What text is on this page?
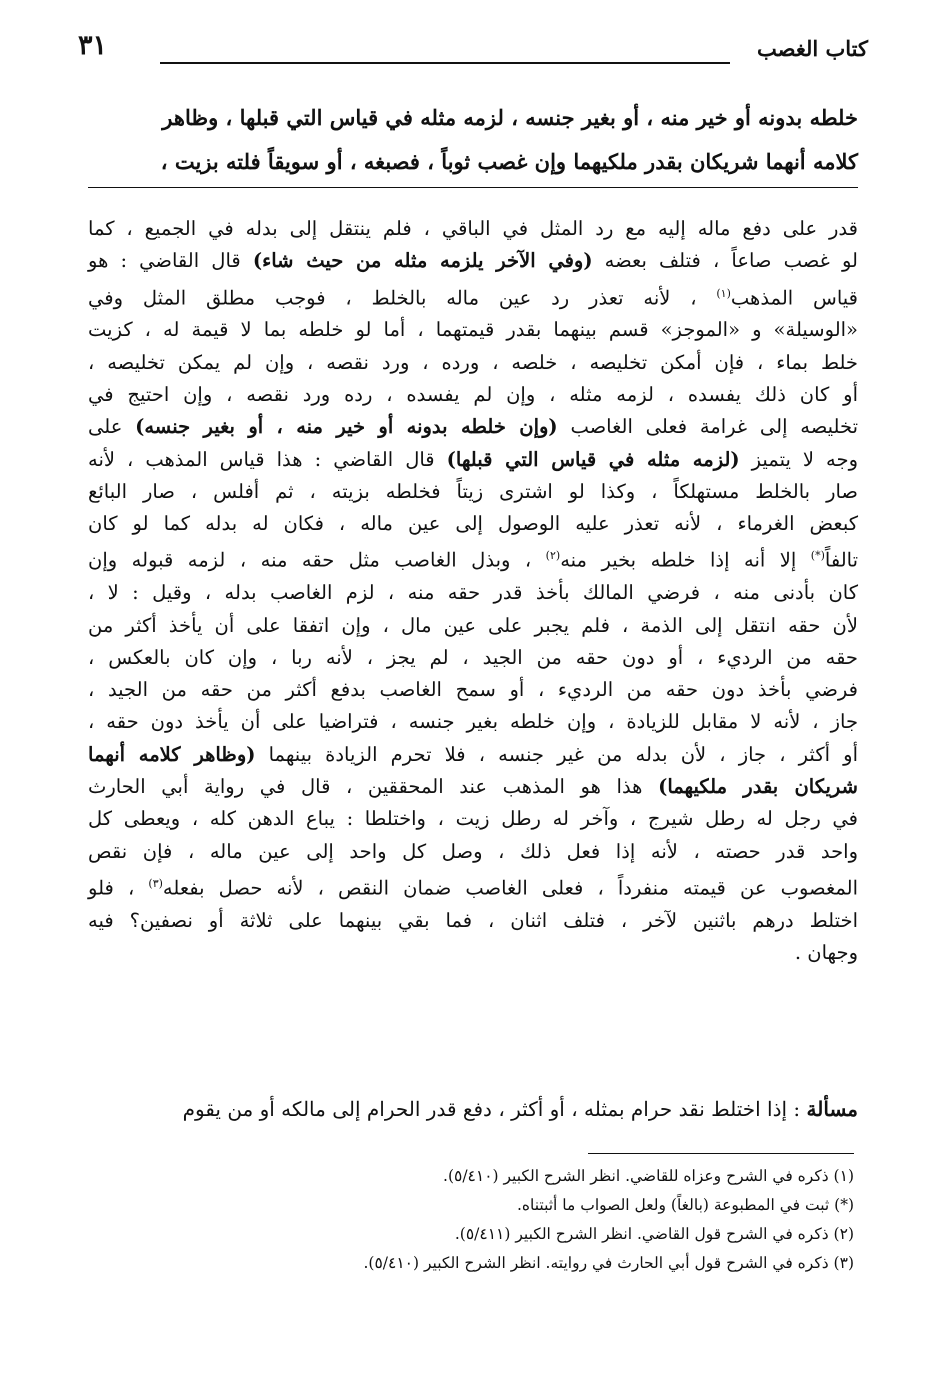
كتاب الغصب
٣١
خلطه بدونه أو خير منه ، أو بغير جنسه ، لزمه مثله في قياس التي قبلها ، وظاهر
كلامه أنهما شريكان بقدر ملكيهما وإن غصب ثوباً ، فصبغه ، أو سويقاً فلته بزيت ،
قدر على دفع ماله إليه مع رد المثل في الباقي ، فلم ينتقل إلى بدله في الجميع ، كما
لو غصب صاعاً ، فتلف بعضه (وفي الآخر يلزمه مثله من حيث شاء) قال القاضي : هو
قياس المذهب$^{(١)}$ ، لأنه تعذر رد عين ماله بالخلط ، فوجب مطلق المثل وفي
«الوسيلة» و «الموجز» قسم بينهما بقدر قيمتهما ، أما لو خلطه بما لا قيمة له ، كزيت
خلط بماء ، فإن أمكن تخليصه ، خلصه ، ورده ، ورد نقصه ، وإن لم يمكن تخليصه ،
أو كان ذلك يفسده ، لزمه مثله ، وإن لم يفسده ، رده ورد نقصه ، وإن احتيج في
تخليصه إلى غرامة فعلى الغاصب (وإن خلطه بدونه أو خير منه ، أو بغير جنسه) على
وجه لا يتميز (لزمه مثله في قياس التي قبلها) قال القاضي : هذا قياس المذهب ، لأنه
صار بالخلط مستهلكاً ، وكذا لو اشترى زيتاً فخلطه بزيته ، ثم أفلس ، صار البائع
كبعض الغرماء ، لأنه تعذر عليه الوصول إلى عين ماله ، فكان له بدله كما لو كان
تالفاً(*) إلا أنه إذا خلطه بخير منه$^{(٢)}$ ، وبذل الغاصب مثل حقه منه ، لزمه قبوله وإن
كان بأدنى منه ، فرضي المالك بأخذ قدر حقه منه ، لزم الغاصب بدله ، وقيل : لا ،
لأن حقه انتقل إلى الذمة ، فلم يجبر على عين مال ، وإن اتفقا على أن يأخذ أكثر من
حقه من الرديء ، أو دون حقه من الجيد ، لم يجز ، لأنه ربا ، وإن كان بالعكس ،
فرضي بأخذ دون حقه من الرديء ، أو سمح الغاصب بدفع أكثر من حقه من الجيد ،
جاز ، لأنه لا مقابل للزيادة ، وإن خلطه بغير جنسه ، فتراضيا على أن يأخذ دون حقه ،
أو أكثر ، جاز ، لأن بدله من غير جنسه ، فلا تحرم الزيادة بينهما (وظاهر كلامه أنهما
شريكان بقدر ملكيهما) هذا هو المذهب عند المحققين ، قال في رواية أبي الحارث
في رجل له رطل شيرج ، وآخر له رطل زيت ، واختلطا : يباع الدهن كله ، ويعطى كل
واحد قدر حصته ، لأنه إذا فعل ذلك ، وصل كل واحد إلى عين ماله ، فإن نقص
المغصوب عن قيمته منفرداً ، فعلى الغاصب ضمان النقص ، لأنه حصل بفعله$^{(٣)}$ ، فلو
اختلط درهم باثنين لآخر ، فتلف اثنان ، فما بقي بينهما على ثلاثة أو نصفين؟ فيه
وجهان .
مسألة : إذا اختلط نقد حرام بمثله ، أو أكثر ، دفع قدر الحرام إلى مالكه أو من يقوم
(١) ذكره في الشرح وعزاه للقاضي. انظر الشرح الكبير (٥/٤١٠).
(*) ثبت في المطبوعة (بالغاً) ولعل الصواب ما أثبتناه.
(٢) ذكره في الشرح قول القاضي. انظر الشرح الكبير (٥/٤١١).
(٣) ذكره في الشرح قول أبي الحارث في روايته. انظر الشرح الكبير (٥/٤١٠).
